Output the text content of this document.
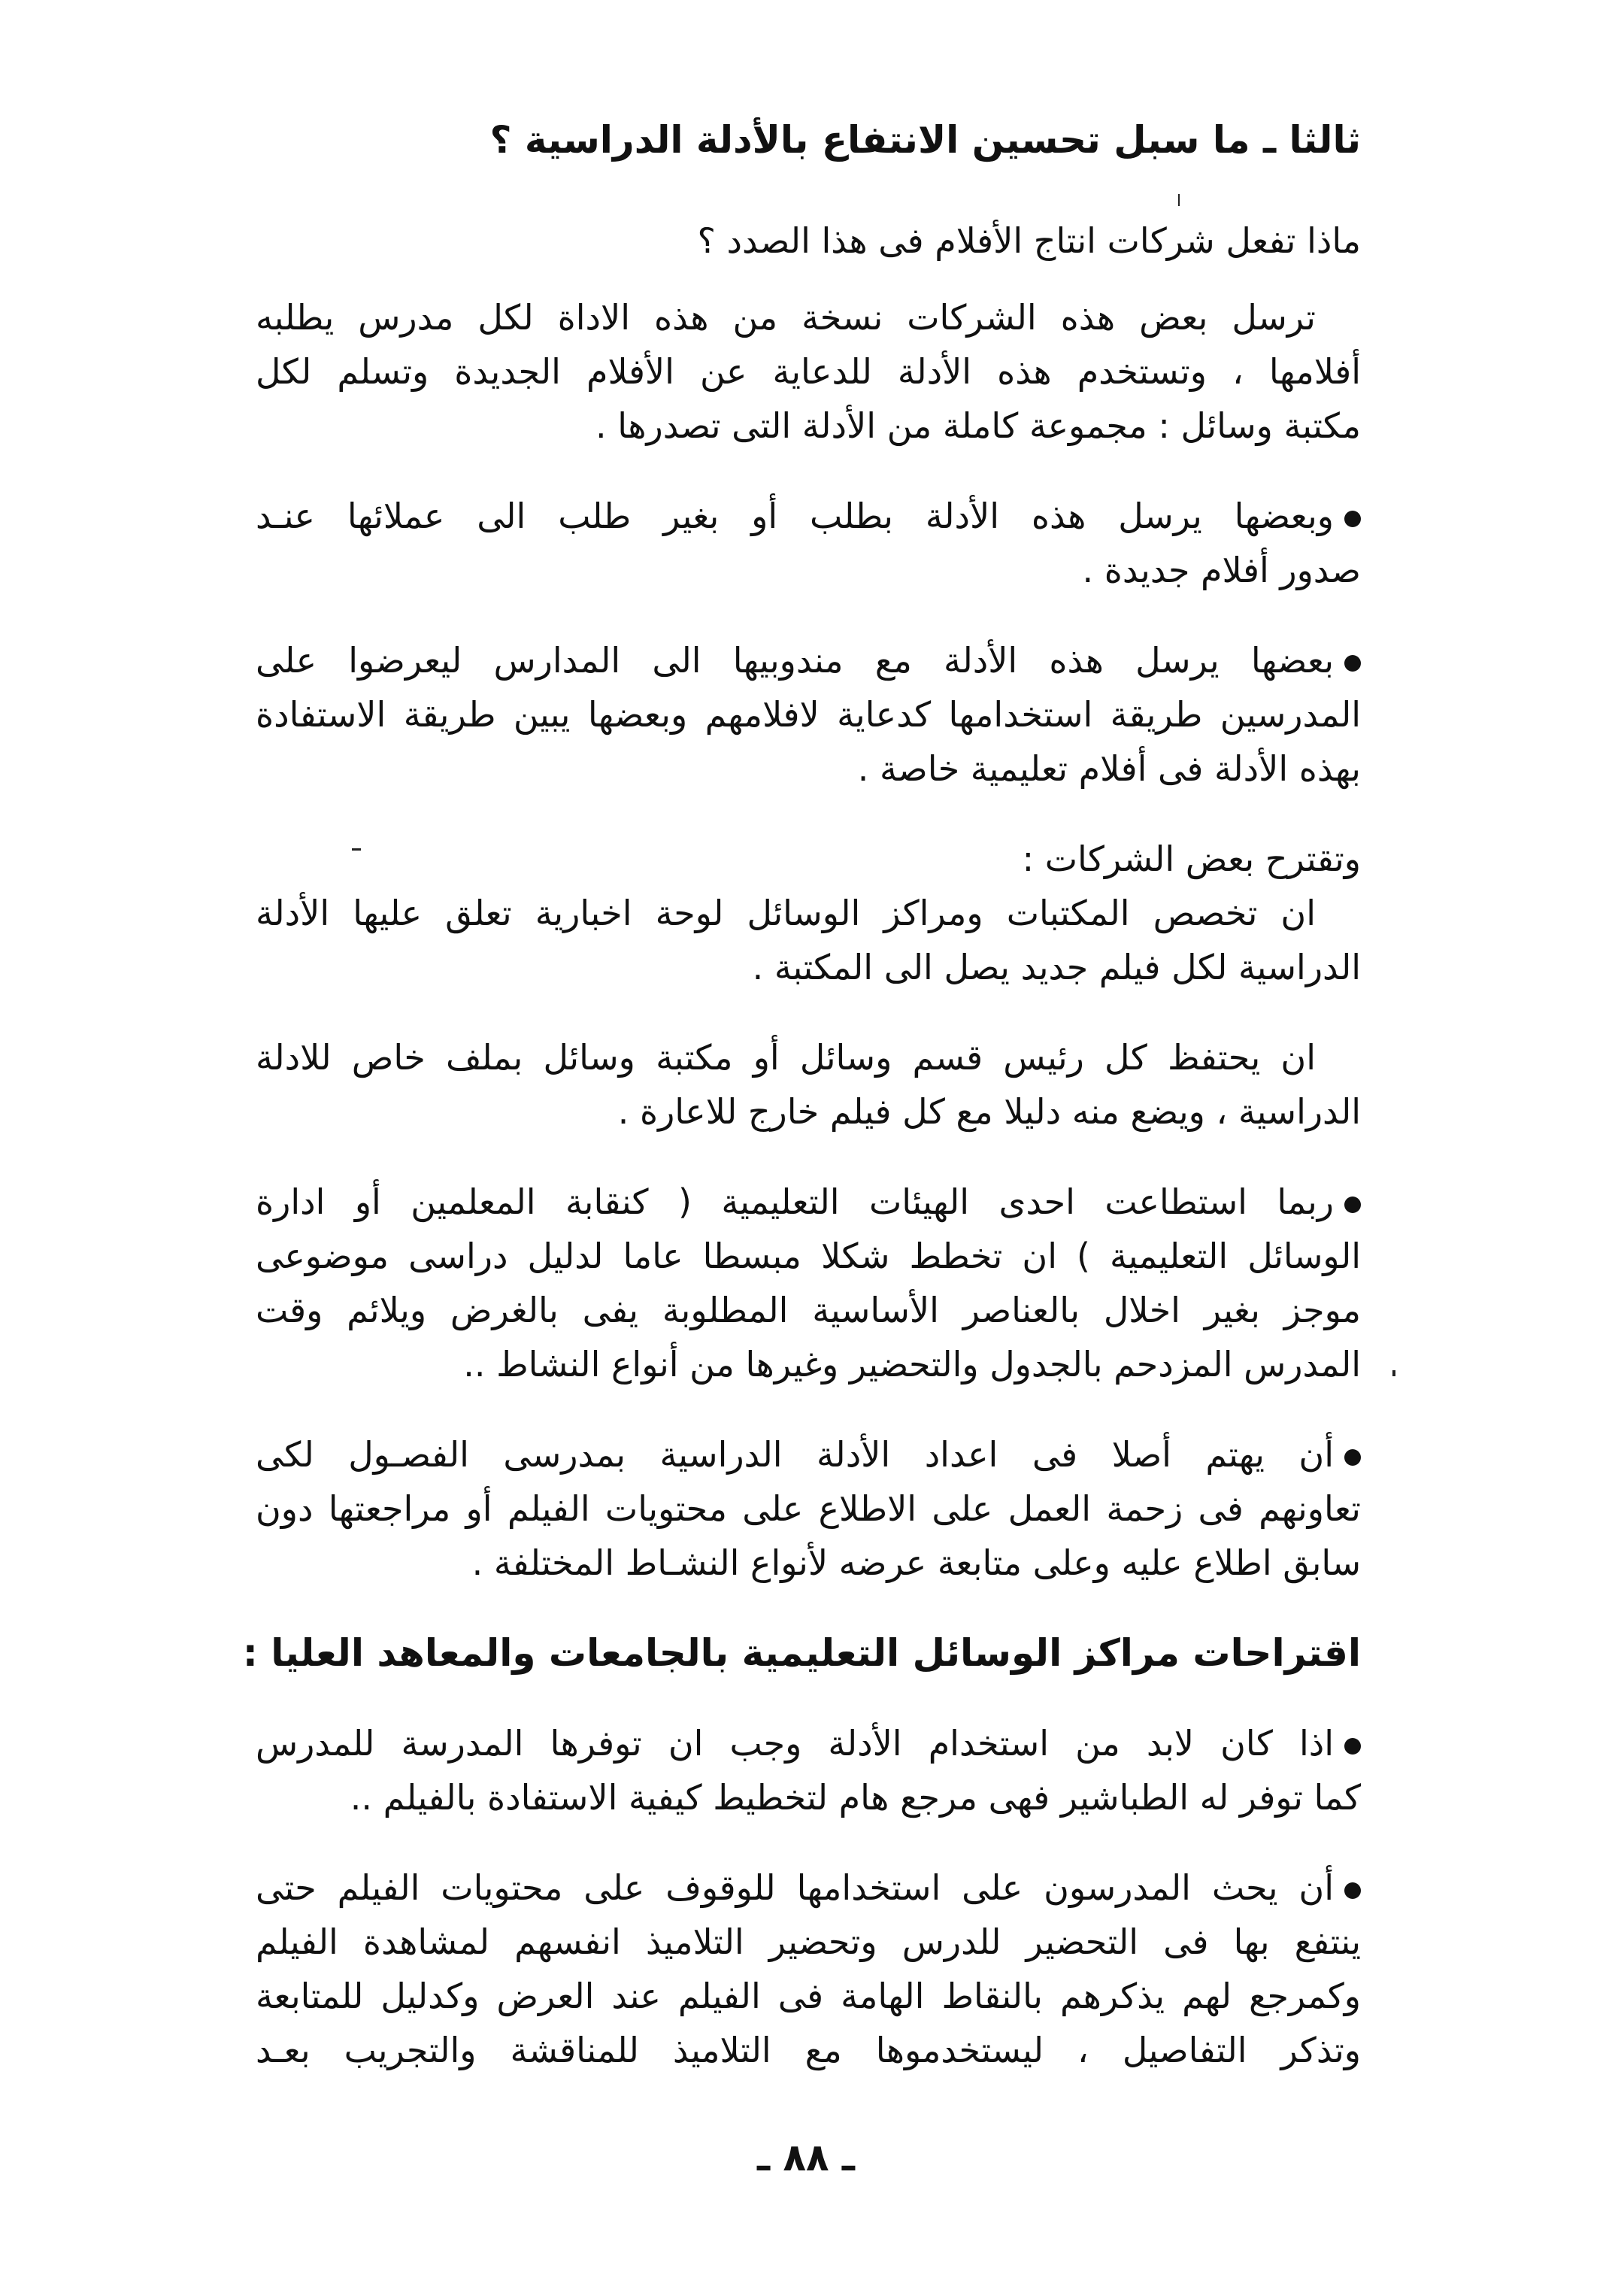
ثالثا ـ ما سبل تحسين الانتفاع بالأدلة الدراسية ؟
ماذا تفعل شركات انتاج الأفلام فى هذا الصدد ؟
ترسل بعض هذه الشركات نسخة من هذه الاداة لكل مدرس يطلبه
أفلامها ، وتستخدم هذه الأدلة للدعاية عن الأفلام الجديدة وتسلم لكل
مكتبة وسائل : مجموعة كاملة من الأدلة التى تصدرها .
وبعضها يرسل هذه الأدلة بطلب أو بغير طلب الى عملائها عنـد
صدور أفلام جديدة .
بعضها يرسل هذه الأدلة مع مندوبيها الى المدارس ليعرضوا على
المدرسين طريقة استخدامها كدعاية لافلامهم وبعضها يبين طريقة الاستفادة
بهذه الأدلة فى أفلام تعليمية خاصة .
وتقترح بعض الشركات :
ان تخصص المكتبات ومراكز الوسائل لوحة اخبارية تعلق عليها الأدلة
الدراسية لكل فيلم جديد يصل الى المكتبة .
ان يحتفظ كل رئيس قسم وسائل أو مكتبة وسائل بملف خاص للادلة
الدراسية ، ويضع منه دليلا مع كل فيلم خارج للاعارة .
ربما استطاعت احدى الهيئات التعليمية ( كنقابة المعلمين أو ادارة
الوسائل التعليمية ) ان تخطط شكلا مبسطا عاما لدليل دراسى موضوعى
موجز بغير اخلال بالعناصر الأساسية المطلوبة يفى بالغرض ويلائم وقت
المدرس المزدحم بالجدول والتحضير وغيرها من أنواع النشاط ..
أن يهتم أصلا فى اعداد الأدلة الدراسية بمدرسى الفصـول لكى
تعاونهم فى زحمة العمل على الاطلاع على محتويات الفيلم أو مراجعتها دون
سابق اطلاع عليه وعلى متابعة عرضه لأنواع النشـاط المختلفة .
اقتراحات مراكز الوسائل التعليمية بالجامعات والمعاهد العليا :
اذا كان لابد من استخدام الأدلة وجب ان توفرها المدرسة للمدرس
كما توفر له الطباشير فهى مرجع هام لتخطيط كيفية الاستفادة بالفيلم ..
أن يحث المدرسون على استخدامها للوقوف على محتويات الفيلم حتى
ينتفع بها فى التحضير للدرس وتحضير التلاميذ انفسهم لمشاهدة الفيلم
وكمرجع لهم يذكرهم بالنقاط الهامة فى الفيلم عند العرض وكدليل للمتابعة
وتذكر التفاصيل ، ليستخدموها مع التلاميذ للمناقشة والتجريب بعـد
ـ ٨٨ ـ
